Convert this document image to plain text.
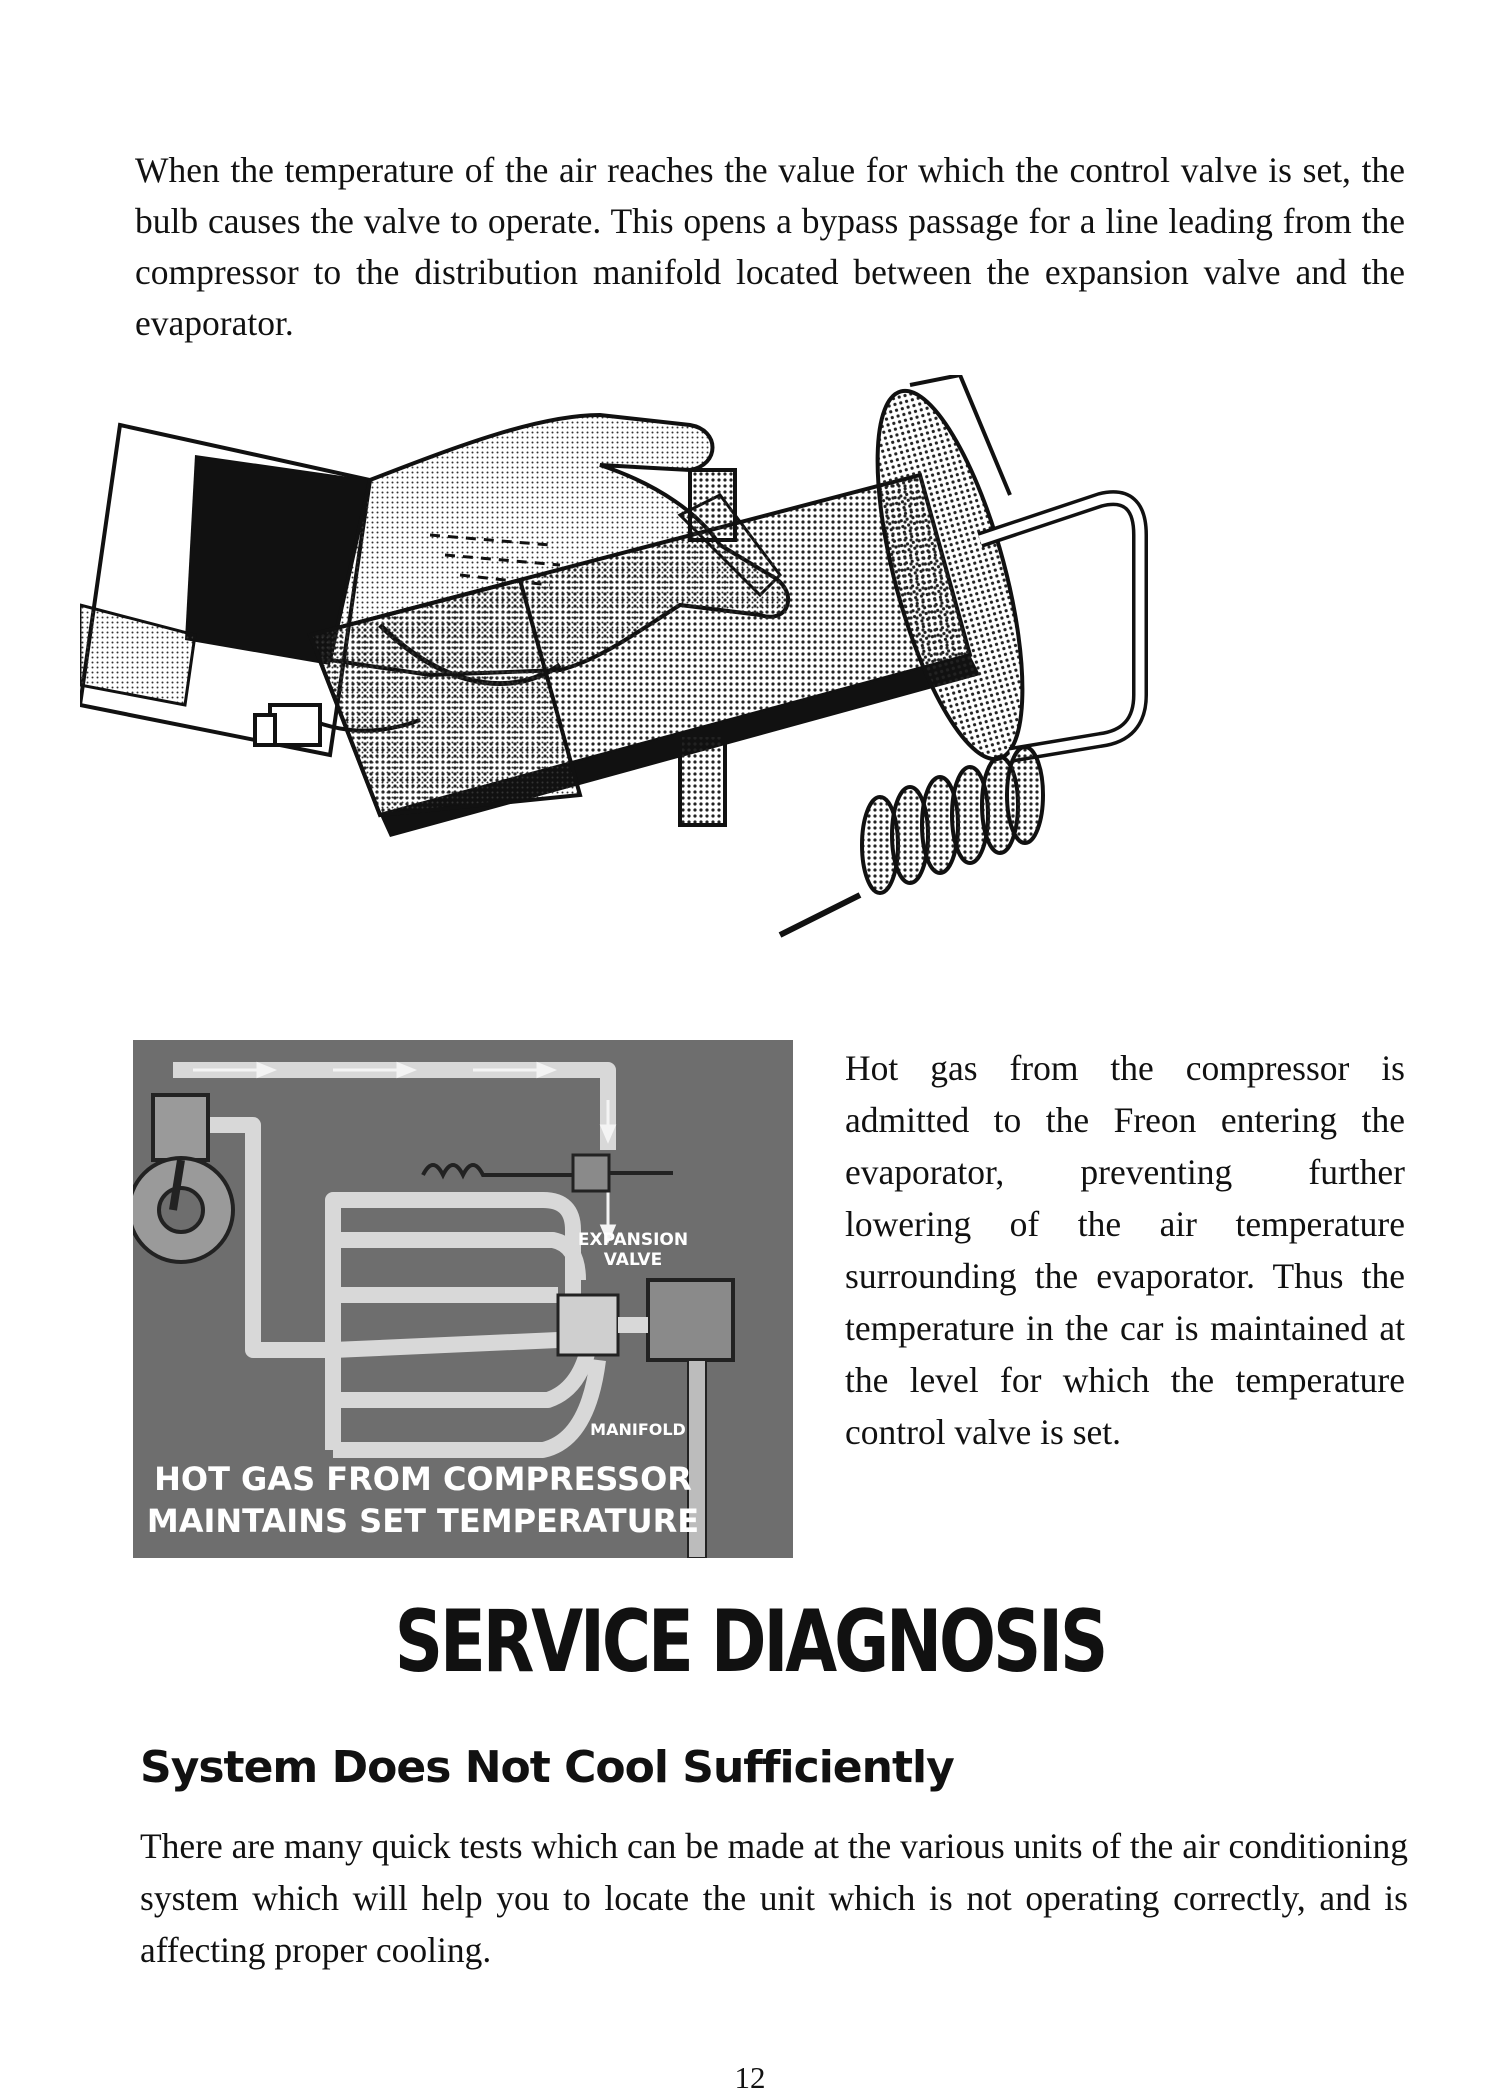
When the temperature of the air reaches the value for which the control valve is set, the bulb causes the valve to operate. This opens a bypass passage for a line leading from the compressor to the distribution manifold located between the expansion valve and the evaporator.

EXPANSION
VALVE
MANIFOLD
HOT GAS FROM COMPRESSOR
MAINTAINS SET TEMPERATURE

Hot gas from the compressor is admitted to the Freon entering the evaporator, preventing further lowering of the air temperature surrounding the evaporator. Thus the temperature in the car is maintained at the level for which the temperature control valve is set.

SERVICE DIAGNOSIS
System Does Not Cool Sufficiently

There are many quick tests which can be made at the various units of the air conditioning system which will help you to locate the unit which is not operating correctly, and is affecting proper cooling.

12
